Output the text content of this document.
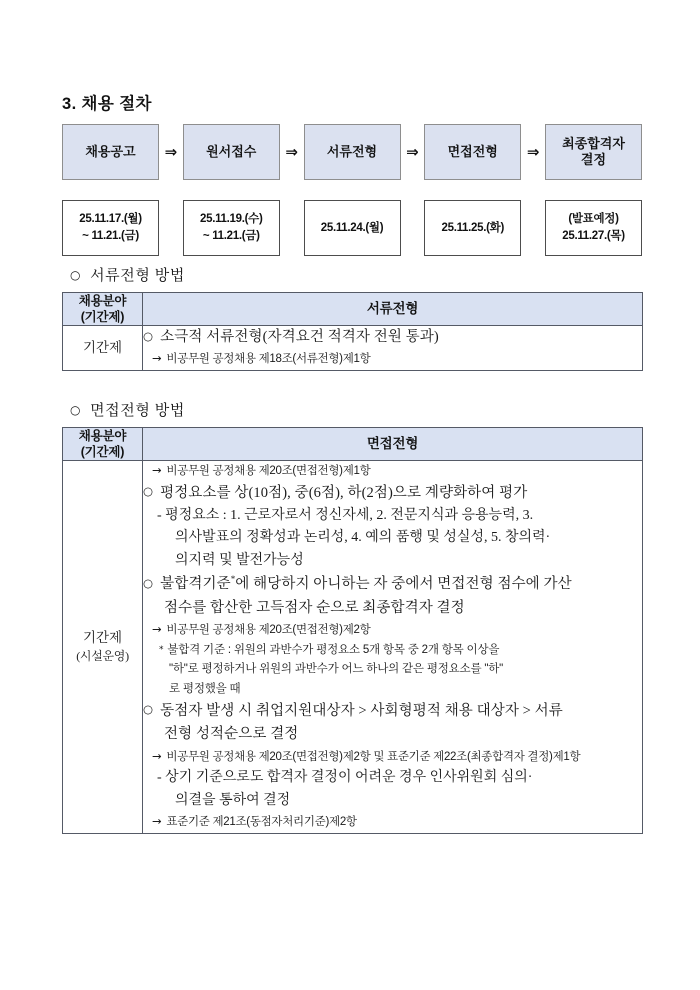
3. 채용 절차
채용공고	⇒	원서접수	⇒	서류전형	⇒	면접전형	⇒	최종합격자
결정
25.11.17.(월)
~ 11.21.(금)
25.11.19.(수)
~ 11.21.(금)
25.11.24.(월)	25.11.25.(화)
(발표예정)
25.11.27.(목)
○ 서류전형 방법
채용분야
(기간제)	서류전형
기간제	○ 소극적 서류전형(자격요건 적격자 전원 통과)
→ 비공무원 공정채용 제18조(서류전형)제1항
○ 면접전형 방법
채용분야
(기간제)	면접전형
기간제
(시설운영)

→ 비공무원 공정채용 제20조(면접전형)제1항
○ 평정요소를 상(10점), 중(6점), 하(2점)으로 계량화하여 평가
- 평정요소 : 1. 근로자로서 정신자세, 2. 전문지식과 응용능력, 3.
의사발표의 정확성과 논리성, 4. 예의 품행 및 성실성, 5. 창의력·
의지력 및 발전가능성
○ 불합격기준*에 해당하지 아니하는 자 중에서 면접전형 점수에 가산
점수를 합산한 고득점자 순으로 최종합격자 결정
→ 비공무원 공정채용 제20조(면접전형)제2항
* 불합격 기준 : 위원의 과반수가 평정요소 5개 항목 중 2개 항목 이상을
"하"로 평정하거나 위원의 과반수가 어느 하나의 같은 평정요소를 "하"
로 평정했을 때
○ 동점자 발생 시 취업지원대상자 > 사회형평적 채용 대상자 > 서류
전형 성적순으로 결정
→ 비공무원 공정채용 제20조(면접전형)제2항 및 표준기준 제22조(최종합격자 결정)제1항
- 상기 기준으로도 합격자 결정이 어려운 경우 인사위원회 심의·
의결을 통하여 결정
→ 표준기준 제21조(동점자처리기준)제2항
